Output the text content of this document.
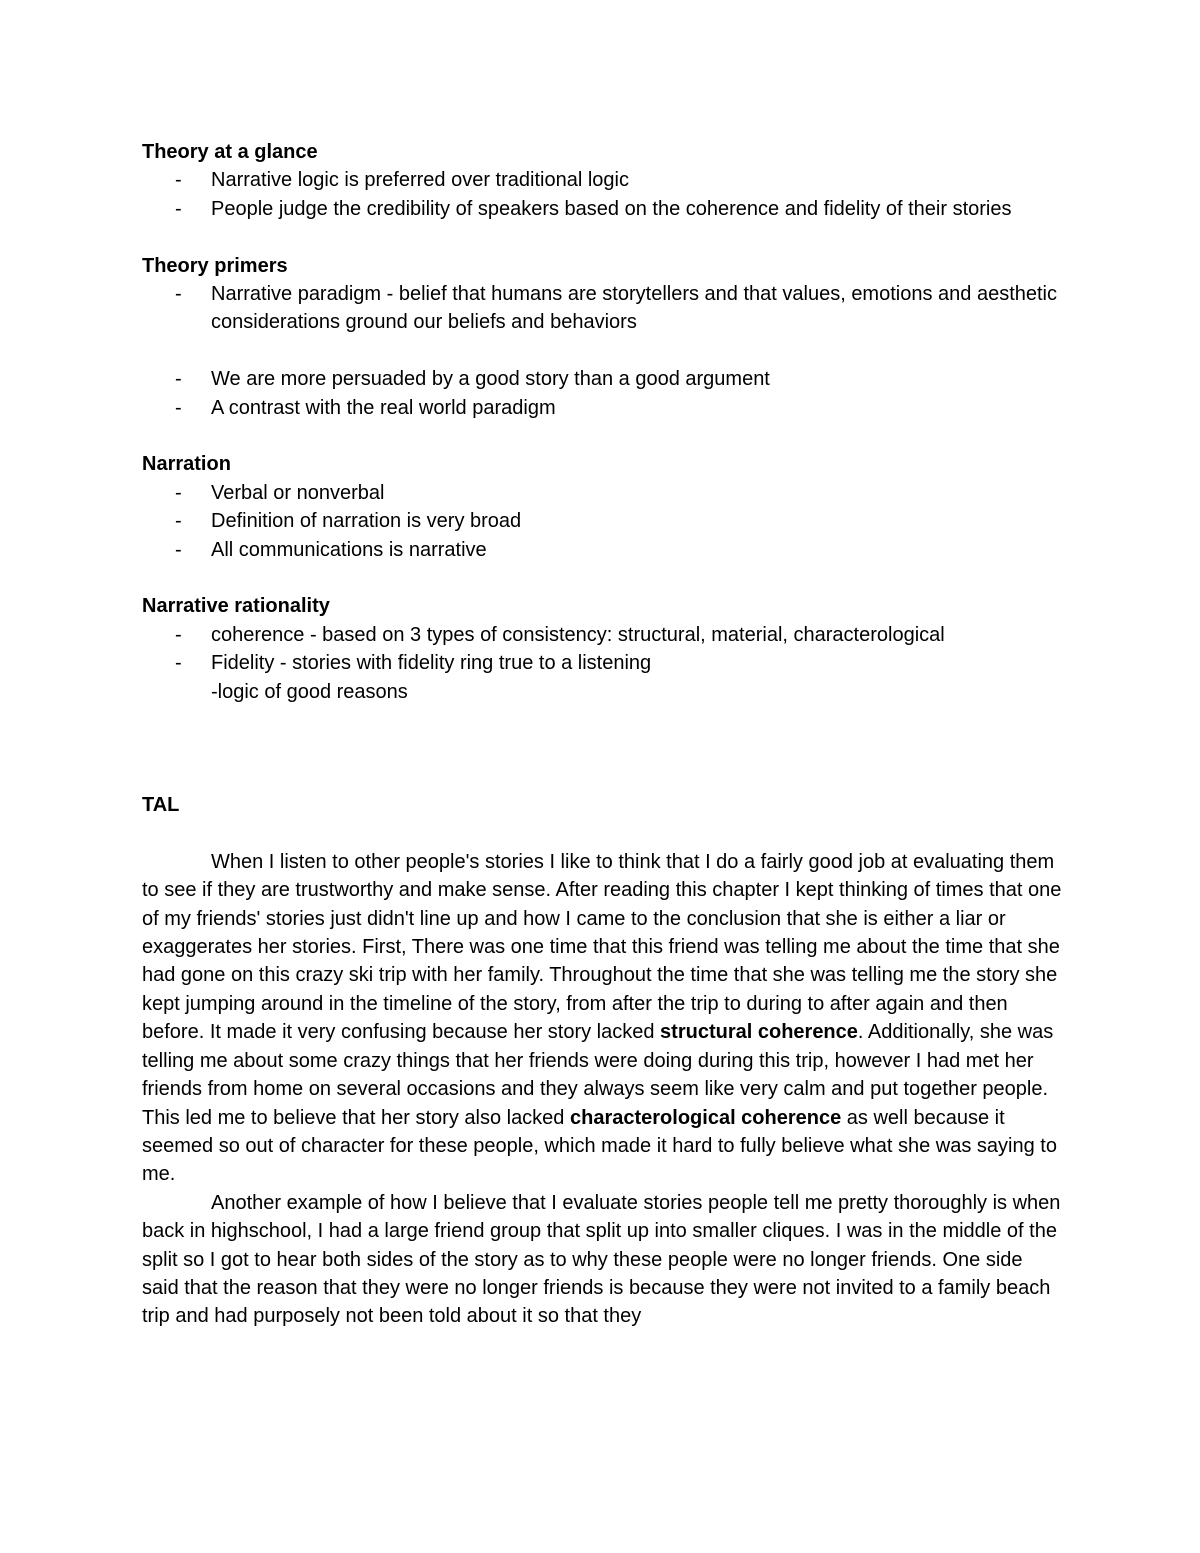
Theory at a glance
- Narrative logic is preferred over traditional logic
- People judge the credibility of speakers based on the coherence and fidelity of their stories
Theory primers
- Narrative paradigm - belief that humans are storytellers and that values, emotions and aesthetic considerations ground our beliefs and behaviors
- We are more persuaded by a good story than a good argument
- A contrast with the real world paradigm
Narration
- Verbal or nonverbal
- Definition of narration is very broad
- All communications is narrative
Narrative rationality
- coherence - based on 3 types of consistency: structural, material, characterological
- Fidelity - stories with fidelity ring true to a listening
-logic of good reasons
TAL

When I listen to other people's stories I like to think that I do a fairly good job at evaluating them to see if they are trustworthy and make sense. After reading this chapter I kept thinking of times that one of my friends' stories just didn't line up and how I came to the conclusion that she is either a liar or exaggerates her stories. First, There was one time that this friend was telling me about the time that she had gone on this crazy ski trip with her family. Throughout the time that she was telling me the story she kept jumping around in the timeline of the story, from after the trip to during to after again and then before. It made it very confusing because her story lacked structural coherence. Additionally, she was telling me about some crazy things that her friends were doing during this trip, however I had met her friends from home on several occasions and they always seem like very calm and put together people. This led me to believe that her story also lacked characterological coherence as well because it seemed so out of character for these people, which made it hard to fully believe what she was saying to me.

Another example of how I believe that I evaluate stories people tell me pretty thoroughly is when back in highschool, I had a large friend group that split up into smaller cliques. I was in the middle of the split so I got to hear both sides of the story as to why these people were no longer friends. One side said that the reason that they were no longer friends is because they were not invited to a family beach trip and had purposely not been told about it so that they
